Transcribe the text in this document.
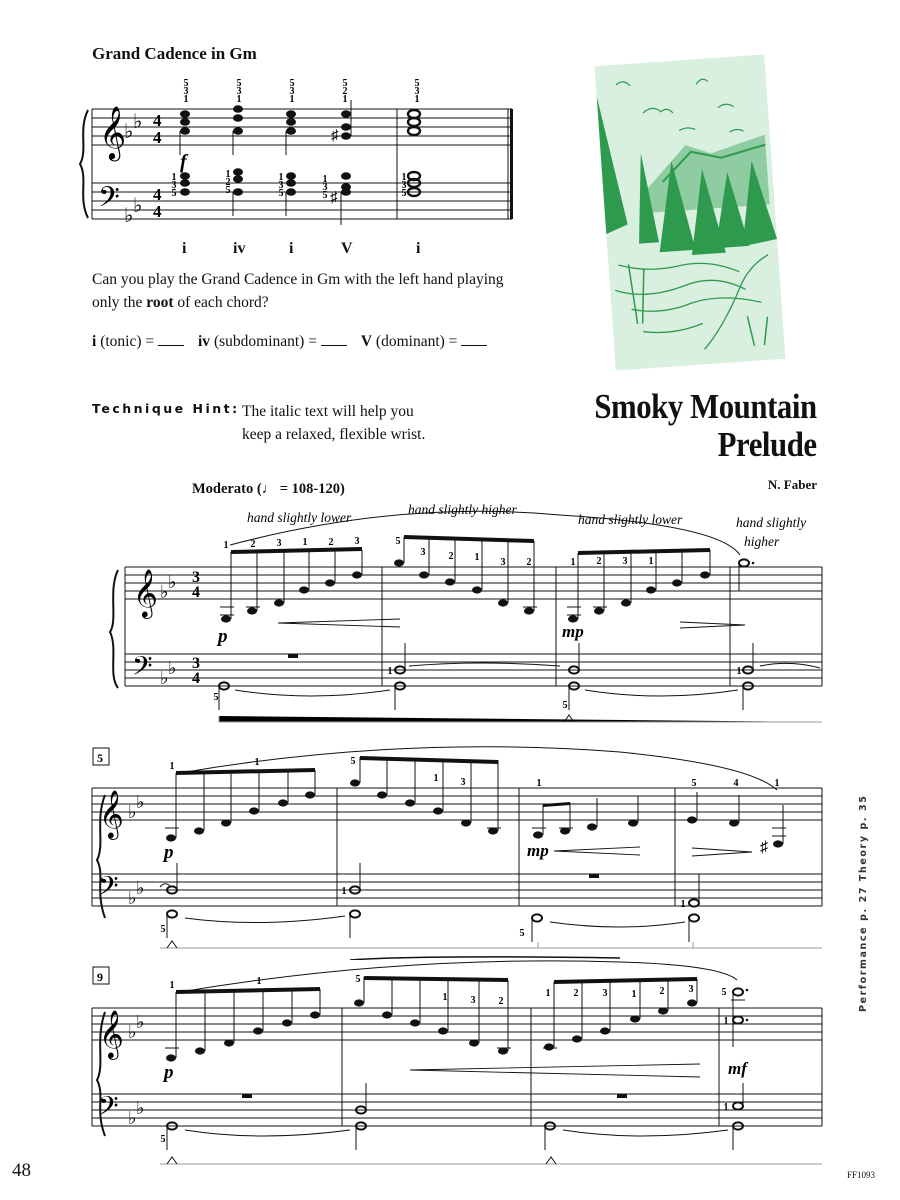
Grand Cadence in Gm
𝄞
𝄢
♭ ♭
♭ ♭
4
4
4
4
♯
♯
f
5
3
1
5
3
1
5
3
1
5
2
1
5
3
1
1
3
5
1
2
5
1
3
5
1
3
5
1
3
5
i	iv	i	V	i
Can you play the Grand Cadence in Gm with the left hand playing only the root of each chord?
i (tonic) =	iv (subdominant) =	V (dominant) =
Technique Hint: The italic text will help you
keep a relaxed, flexible wrist.
Smoky Mountain
Prelude
N. Faber
Moderato (♩ = 108-120)
hand slightly lower
hand slightly higher
hand slightly lower	hand slightly
higher
𝄞
𝄢
♭ ♭
♭ ♭
3
4
3
4
p	mp
1 2 3 1 2 3	5
3 2 1 3 2	1 2 3 1
5
1
5
1
5
𝄞
𝄢
♭ ♭
♭ ♭
♯
p	mp
1	1	5
1 3	1	5	4	1
5
1
5
1
9
𝄞
𝄢
♭ ♭
♭ ♭
p	mf
1	1	5
1 3 2
1 2 3 1 2 3	5
1
5
1
Performance p. 27 Theory p. 35
48	FF1093
